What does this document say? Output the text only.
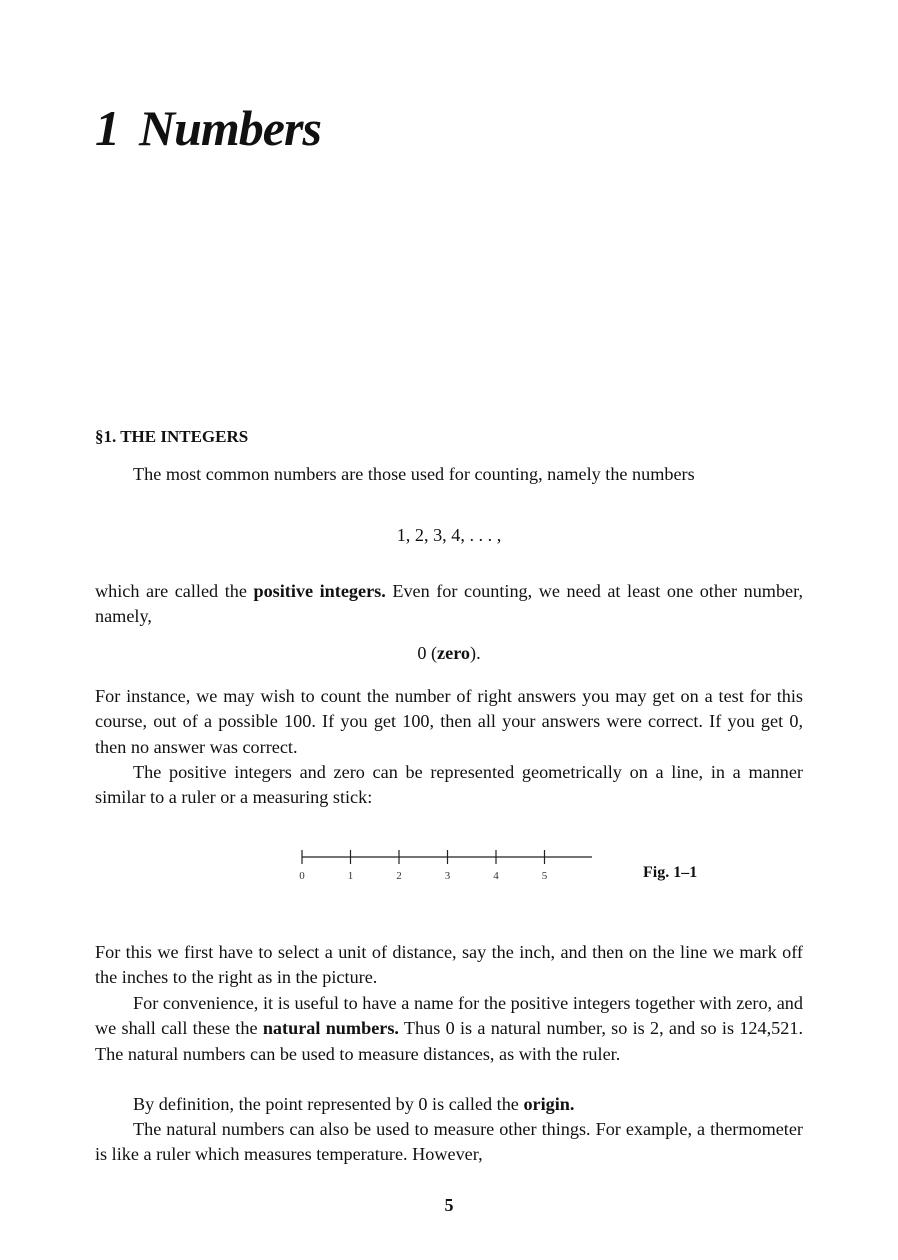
1 Numbers
§1. THE INTEGERS

The most common numbers are those used for counting, namely the numbers

1, 2, 3, 4, . . . ,

which are called the positive integers. Even for counting, we need at least one other number, namely,

0 (zero).

For instance, we may wish to count the number of right answers you may get on a test for this course, out of a possible 100. If you get 100, then all your answers were correct. If you get 0, then no answer was correct.

The positive integers and zero can be represented geometrically on a line, in a manner similar to a ruler or a measuring stick:

0	1	2	3	4	5	Fig. 1–1

For this we first have to select a unit of distance, say the inch, and then on the line we mark off the inches to the right as in the picture.

For convenience, it is useful to have a name for the positive integers together with zero, and we shall call these the natural numbers. Thus 0 is a natural number, so is 2, and so is 124,521. The natural numbers can be used to measure distances, as with the ruler.

By definition, the point represented by 0 is called the origin.

The natural numbers can also be used to measure other things. For example, a thermometer is like a ruler which measures temperature. However,

5
